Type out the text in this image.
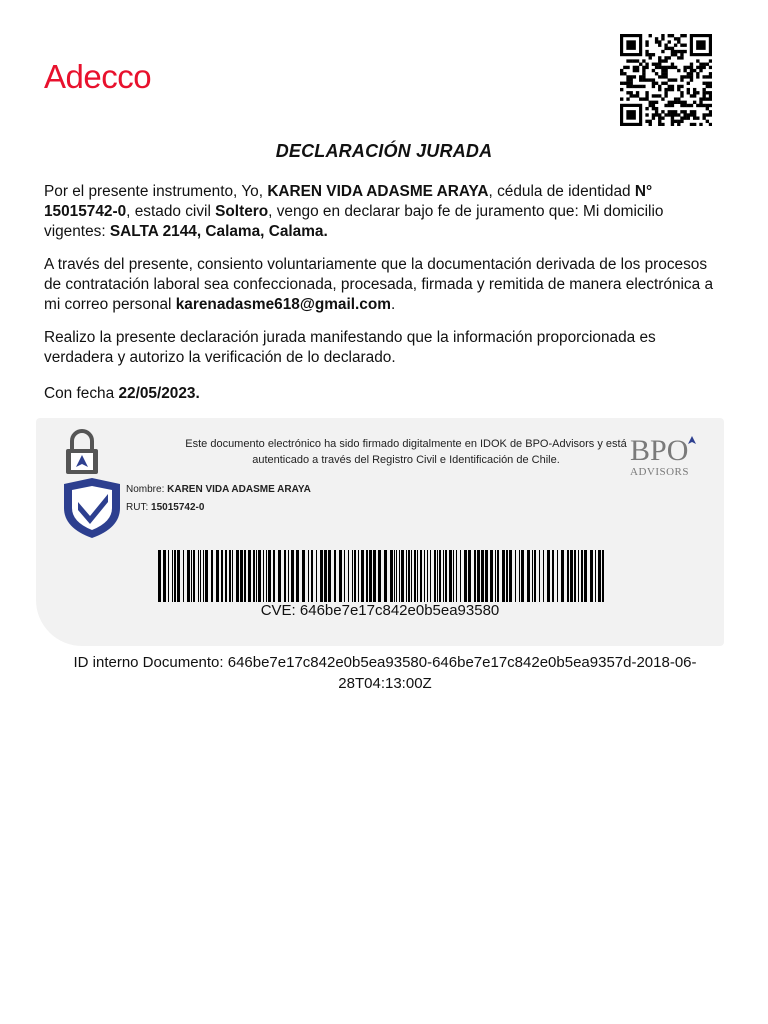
Adecco
DECLARACIÓN JURADA
Por el presente instrumento, Yo, KAREN VIDA ADASME ARAYA, cédula de identidad N° 15015742-0, estado civil Soltero, vengo en declarar bajo fe de juramento que: Mi domicilio vigentes: SALTA 2144, Calama, Calama.
A través del presente, consiento voluntariamente que la documentación derivada de los procesos de contratación laboral sea confeccionada, procesada, firmada y remitida de manera electrónica a mi correo personal karenadasme618@gmail.com.
Realizo la presente declaración jurada manifestando que la información proporcionada es verdadera y autorizo la verificación de lo declarado.
Con fecha 22/05/2023.
Este documento electrónico ha sido firmado digitalmente en IDOK de BPO-Advisors y está
autenticado a través del Registro Civil e Identificación de Chile.	BPO
ADVISORS
Nombre: KAREN VIDA ADASME ARAYA
RUT: 15015742-0
CVE: 646be7e17c842e0b5ea93580
ID interno Documento: 646be7e17c842e0b5ea93580-646be7e17c842e0b5ea9357d-2018-06-28T04:13:00Z
